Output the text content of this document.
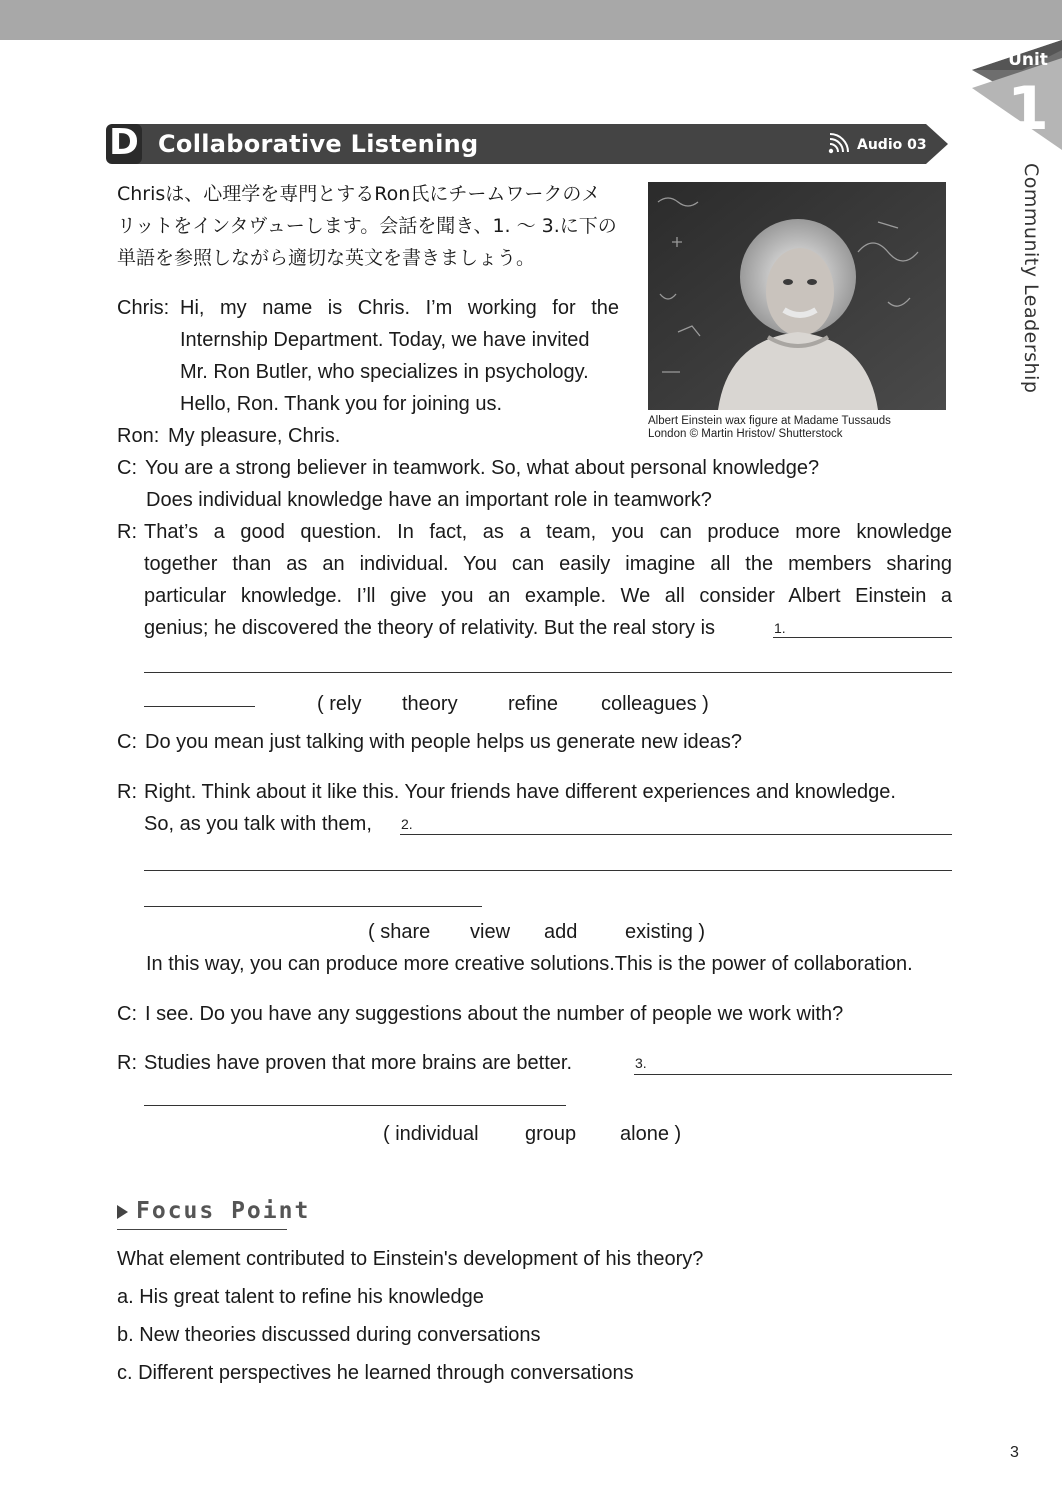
Unit
1
Community Leadership
D Collaborative Listening	Audio 03
Chrisは、心理学を専門とするRon氏にチームワークのメ
リットをインタヴューします。会話を聞き、1. ～ 3.に下の
単語を参照しながら適切な英文を書きましょう。
Albert Einstein wax figure at Madame Tussauds
London © Martin Hristov/ Shutterstock
Chris: Hi, my name is Chris. I’m working for the
Internship Department. Today, we have invited
Mr. Ron Butler, who specializes in psychology.
Hello, Ron. Thank you for joining us.
Ron: My pleasure, Chris.
C: You are a strong believer in teamwork. So, what about personal knowledge?
Does individual knowledge have an important role in teamwork?
R: That’s a good question. In fact, as a team, you can produce more knowledge
together than as an individual. You can easily imagine all the members sharing
particular knowledge. I’ll give you an example. We all consider Albert Einstein a
genius; he discovered the theory of relativity. But the real story is	1.
( rely theory	refine colleagues )
C: Do you mean just talking with people helps us generate new ideas?
R: Right. Think about it like this. Your friends have different experiences and knowledge.
So, as you talk with them, 2.
( share view add existing )
In this way, you can produce more creative solutions.This is the power of collaboration.
C: I see. Do you have any suggestions about the number of people we work with?
R: Studies have proven that more brains are better.	3.
( individual group alone )
Focus Point
What element contributed to Einstein's development of his theory?
a. His great talent to refine his knowledge
b. New theories discussed during conversations
c. Different perspectives he learned through conversations
3
